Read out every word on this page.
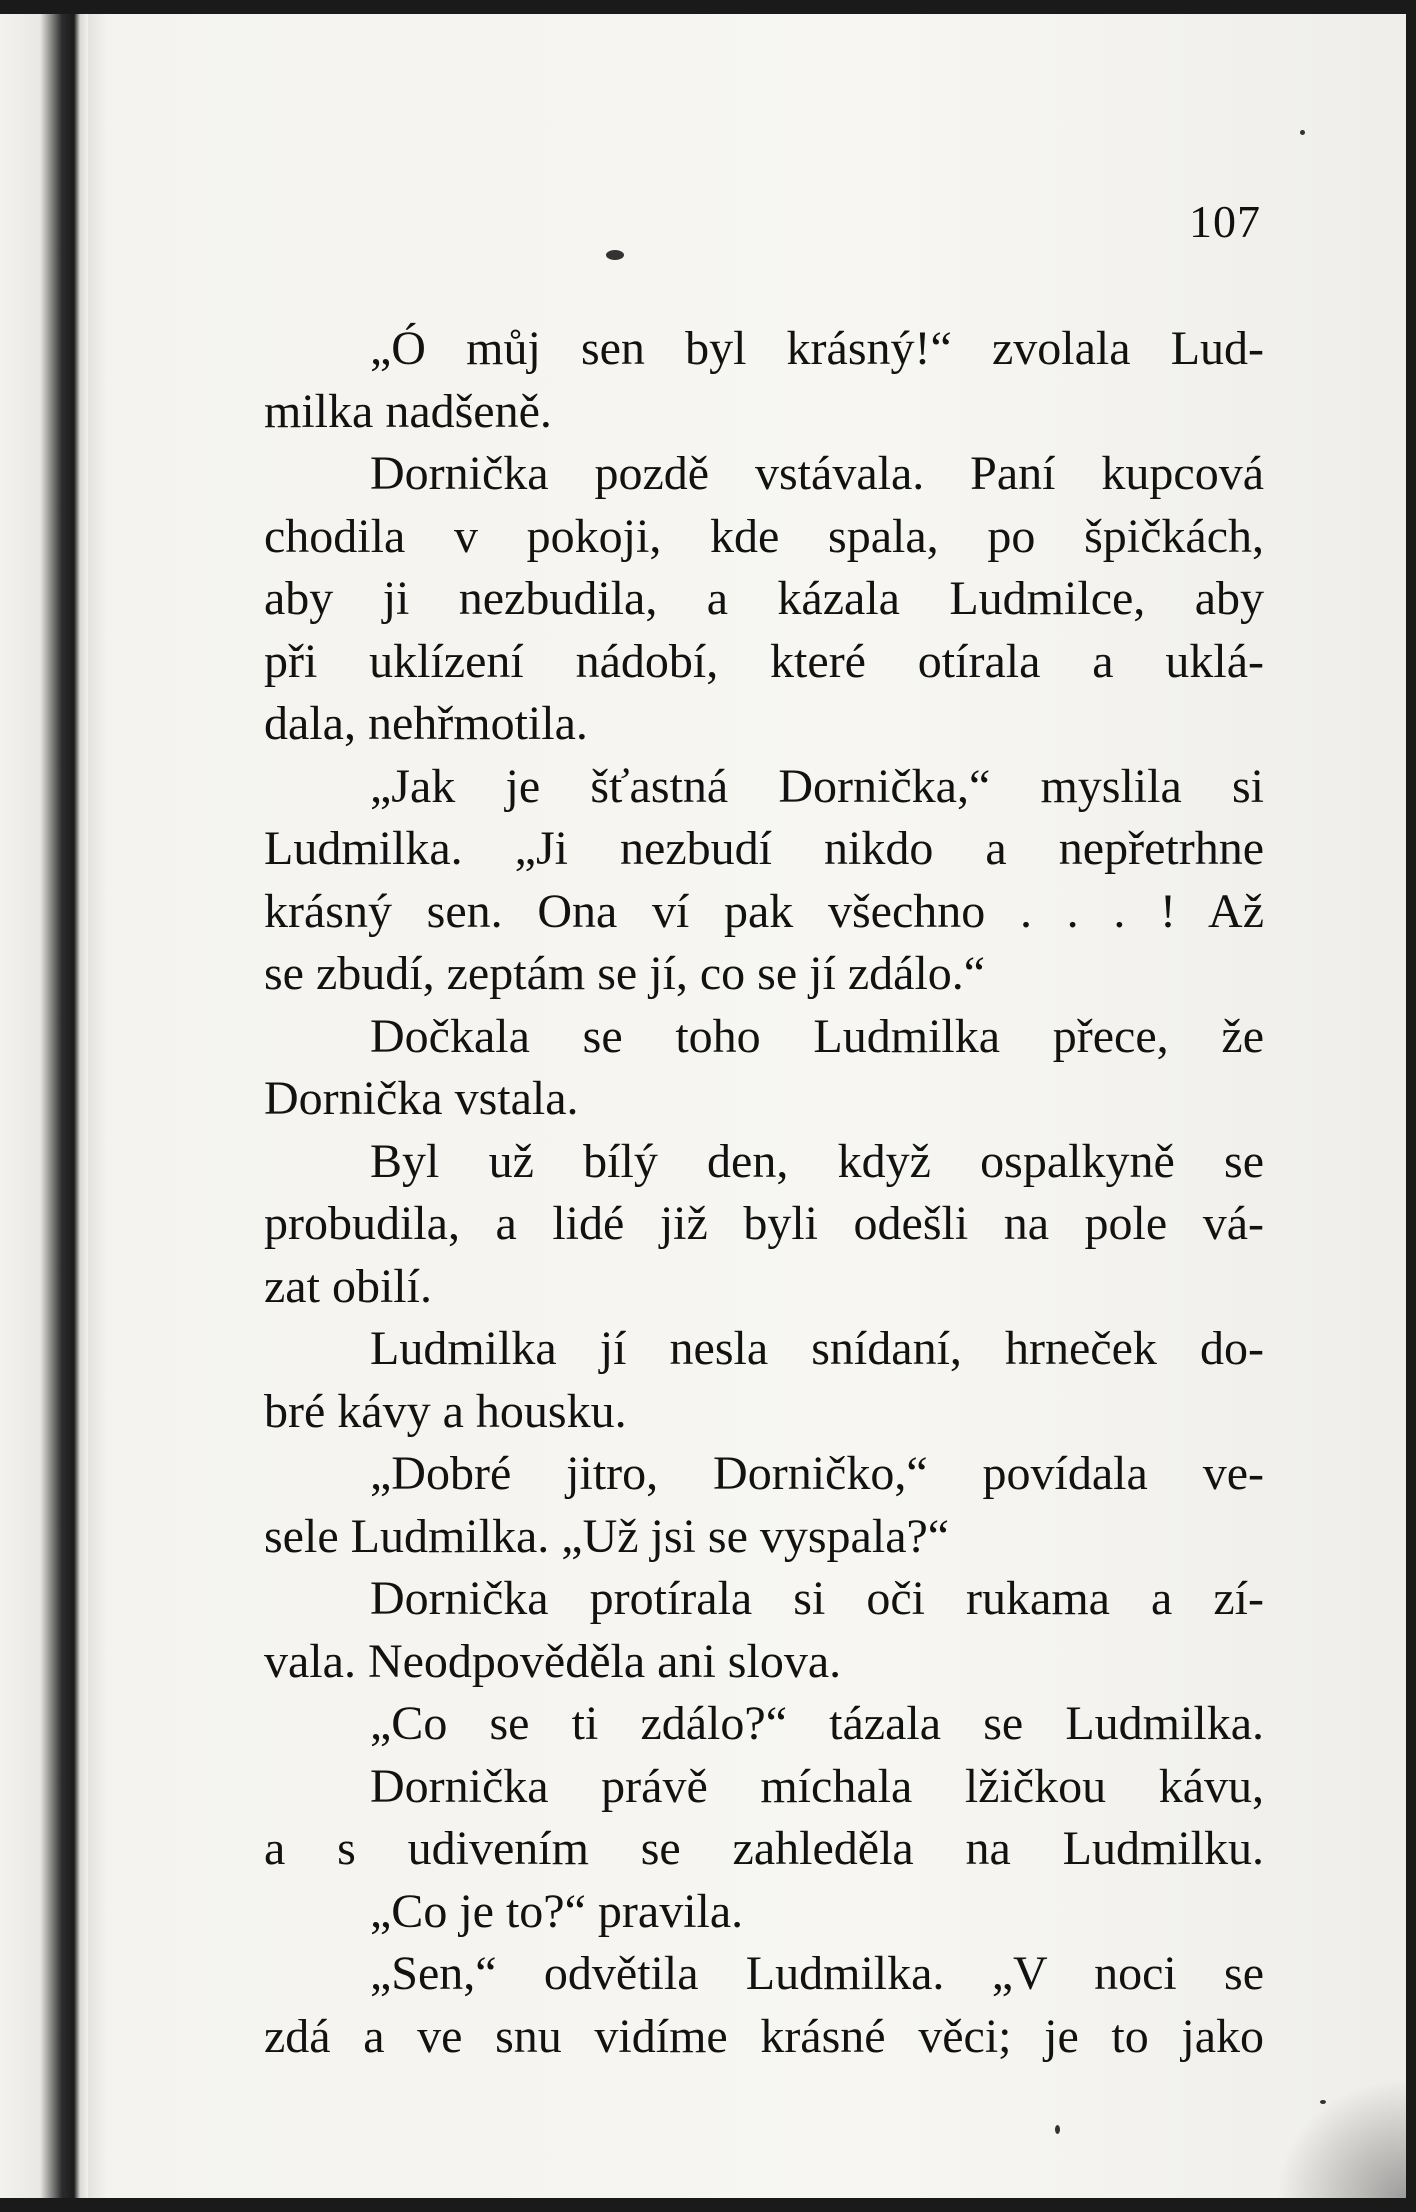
107
„Ó můj sen byl krásný!“ zvolala Lud-
milka nadšeně.
Dornička pozdě vstávala. Paní kupcová
chodila v pokoji, kde spala, po špičkách,
aby ji nezbudila, a kázala Ludmilce, aby
při uklízení nádobí, které otírala a uklá-
dala, nehřmotila.
„Jak je šťastná Dornička,“ myslila si
Ludmilka. „Ji nezbudí nikdo a nepřetrhne
krásný sen. Ona ví pak všechno . . . ! Až
se zbudí, zeptám se jí, co se jí zdálo.“
Dočkala se toho Ludmilka přece, že
Dornička vstala.
Byl už bílý den, když ospalkyně se
probudila, a lidé již byli odešli na pole vá-
zat obilí.
Ludmilka jí nesla snídaní, hrneček do-
bré kávy a housku.
„Dobré jitro, Dorničko,“ povídala ve-
sele Ludmilka. „Už jsi se vyspala?“
Dornička protírala si oči rukama a zí-
vala. Neodpověděla ani slova.
„Co se ti zdálo?“ tázala se Ludmilka.
Dornička právě míchala lžičkou kávu,
a s udivením se zahleděla na Ludmilku.
„Co je to?“ pravila.
„Sen,“ odvětila Ludmilka. „V noci se
zdá a ve snu vidíme krásné věci; je to jako
